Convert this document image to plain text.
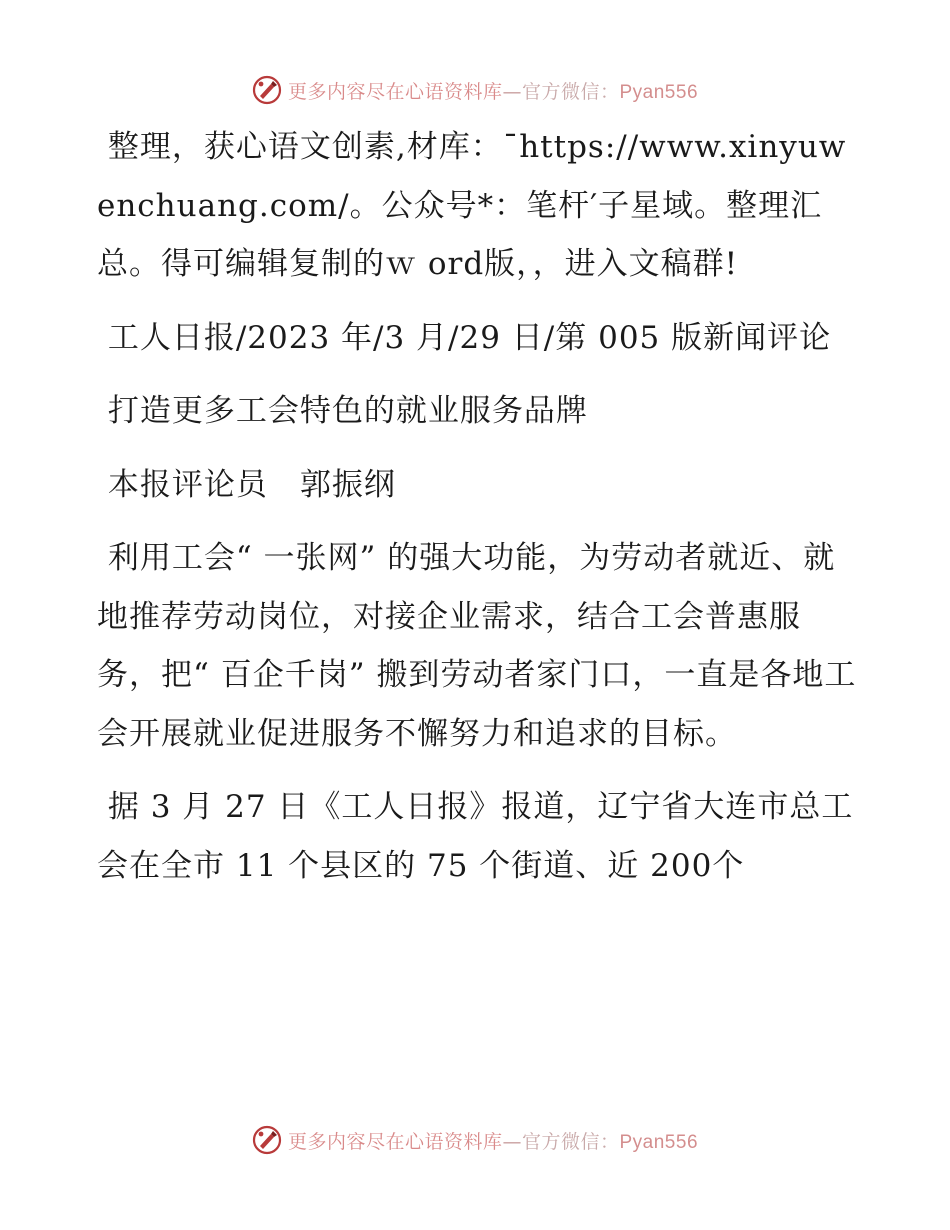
更多内容尽在心语资料库—官方微信：Pyan556

整理，获心语文创素,材库：¯https://www.xinyuwenchuang.com/。公众号*：笔杆′子星域。整理汇总。得可编辑复制的ｗ ord版，，进入文稿群!

工人日报/2023 年/3 月/29 日/第 005 版新闻评论

打造更多工会特色的就业服务品牌

本报评论员　郭振纲

利用工会“ 一张网” 的强大功能，为劳动者就近、就地推荐劳动岗位，对接企业需求，结合工会普惠服务，把“ 百企千岗” 搬到劳动者家门口，一直是各地工会开展就业促进服务不懈努力和追求的目标。

据 3 月 27 日《工人日报》报道，辽宁省大连市总工会在全市 11 个县区的 75 个街道、近 200个

更多内容尽在心语资料库—官方微信：Pyan556
